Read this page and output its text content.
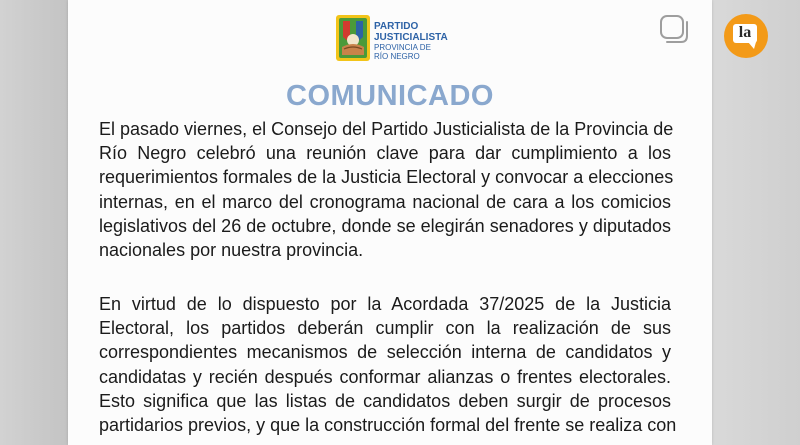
PARTIDO
JUSTICIALISTA
PROVINCIA DE
RÍO NEGRO
COMUNICADO
El pasado viernes, el Consejo del Partido Justicialista de la Provincia de
Río Negro celebró una reunión clave para dar cumplimiento a los
requerimientos formales de la Justicia Electoral y convocar a elecciones
internas, en el marco del cronograma nacional de cara a los comicios
legislativos del 26 de octubre, donde se elegirán senadores y diputados
nacionales por nuestra provincia.
En virtud de lo dispuesto por la Acordada 37/2025 de la Justicia
Electoral, los partidos deberán cumplir con la realización de sus
correspondientes mecanismos de selección interna de candidatos y
candidatas y recién después conformar alianzas o frentes electorales.
Esto significa que las listas de candidatos deben surgir de procesos
partidarios previos, y que la construcción formal del frente se realiza con
la
